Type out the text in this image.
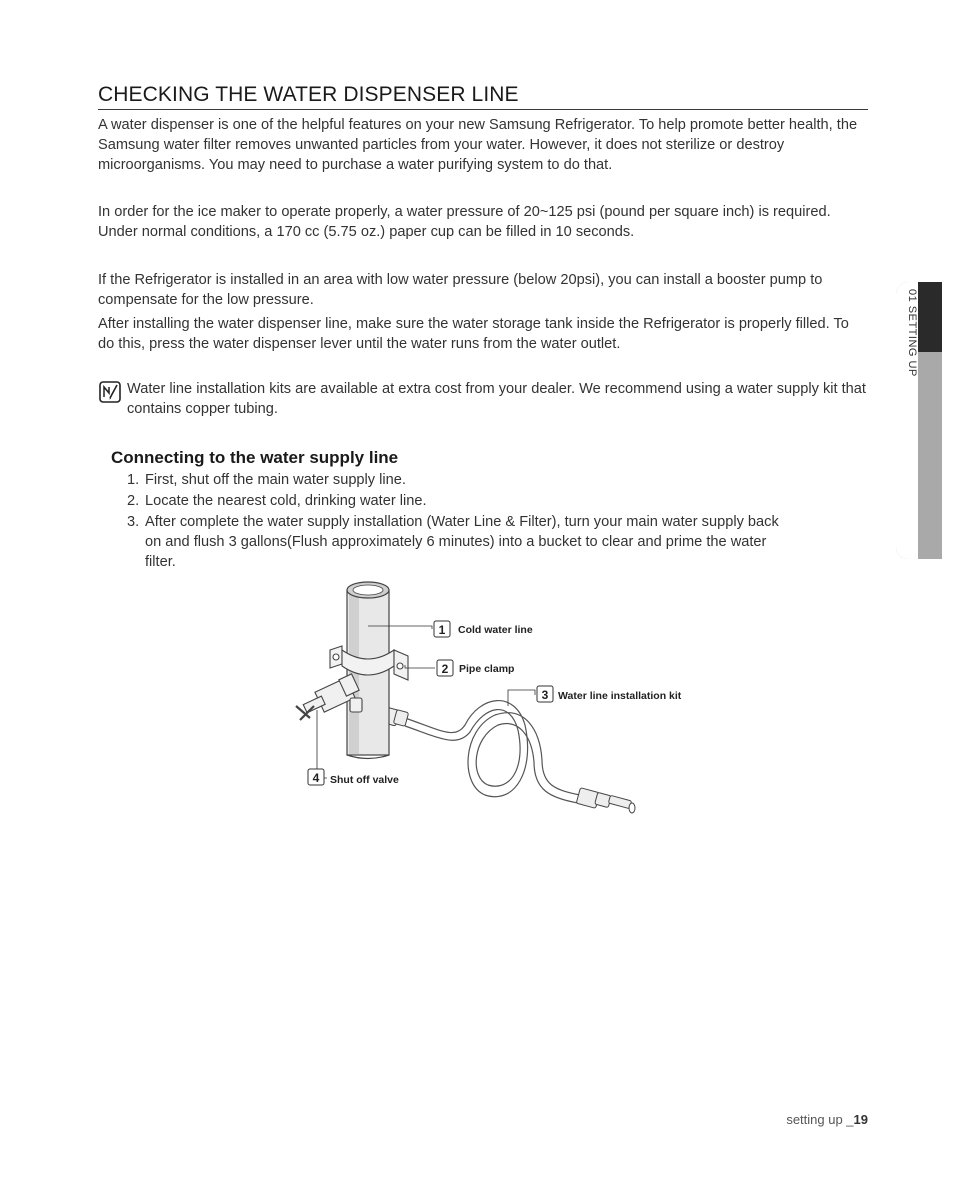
CHECKING THE WATER DISPENSER LINE
A water dispenser is one of the helpful features on your new Samsung Refrigerator. To help promote better health, the Samsung water filter removes unwanted particles from your water. However, it does not sterilize or destroy microorganisms. You may need to purchase a water purifying system to do that.
In order for the ice maker to operate properly, a water pressure of 20~125 psi (pound per square inch) is required. Under normal conditions, a 170 cc (5.75 oz.) paper cup can be filled in 10 seconds.
If the Refrigerator is installed in an area with low water pressure (below 20psi), you can install a booster pump to compensate for the low pressure.
After installing the water dispenser line, make sure the water storage tank inside the Refrigerator is properly filled. To do this, press the water dispenser lever until the water runs from the water outlet.
Water line installation kits are available at extra cost from your dealer. We recommend using a water supply kit that contains copper tubing.
Connecting to the water supply line
1. First, shut off the main water supply line.
2. Locate the nearest cold, drinking water line.
3. After complete the water supply installation (Water Line & Filter), turn your main water supply back on and flush 3 gallons(Flush approximately 6 minutes) into a bucket to clear and prime the water filter.
1 Cold water line
2 Pipe clamp
3 Water line installation kit
4 Shut off valve
01 SETTING UP
setting up _19
